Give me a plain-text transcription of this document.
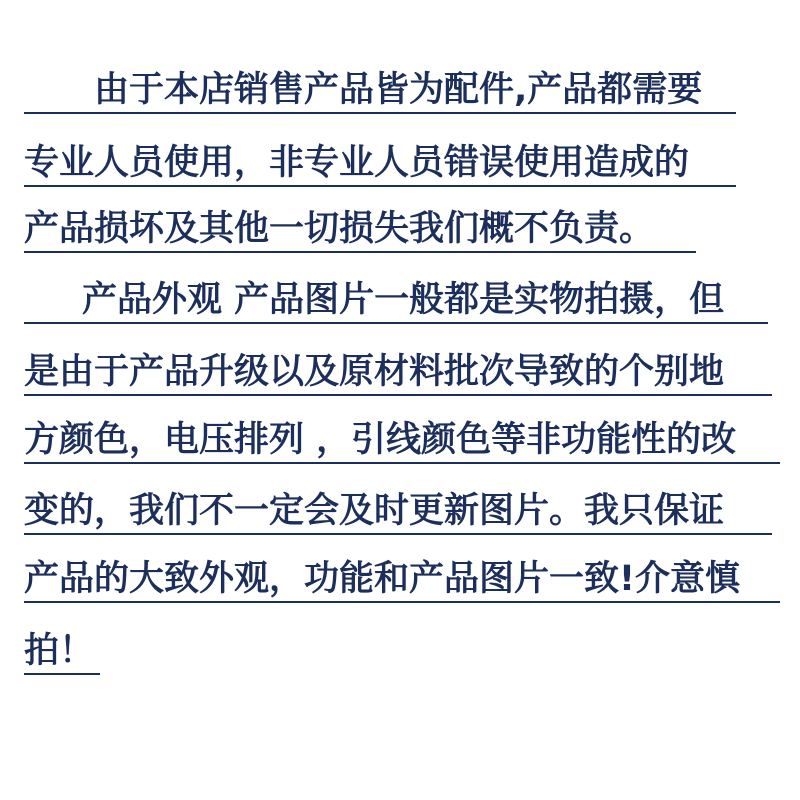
由于本店销售产品皆为配件,产品都需要
专业人员使用，非专业人员错误使用造成的
产品损坏及其他一切损失我们概不负责。
产品外观 产品图片一般都是实物拍摄，但
是由于产品升级以及原材料批次导致的个别地
方颜色，电压排列 ，引线颜色等非功能性的改
变的，我们不一定会及时更新图片。我只保证
产品的大致外观，功能和产品图片一致!介意慎
拍！
